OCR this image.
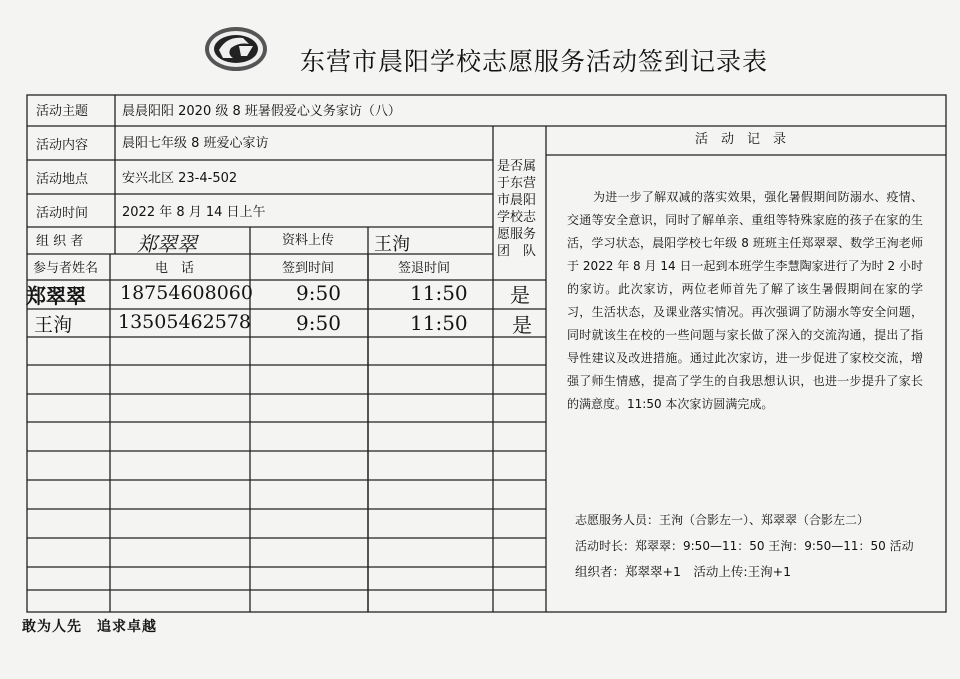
东营市晨阳学校志愿服务活动签到记录表
活动主题	晨晨阳阳 2020 级 8 班暑假爱心义务家访（八）
活动内容	晨阳七年级 8 班爱心家访
活动地点	安兴北区 23-4-502
活动时间	2022 年 8 月 14 日上午
组 织 者	郑翠翠	资料上传 王洵
参与者姓名	电　话	签到时间	签退时间
是否属
于东营
市晨阳
学校志
愿服务
团　队
郑翠翠 18754608060 9:50	11:50 是
王洵 13505462578 9:50	11:50 是
活　动　记　录
为进一步了解双减的落实效果，强化暑假期间防溺水、疫情、交通等安全意识，同时了解单亲、重组等特殊家庭的孩子在家的生活，学习状态，晨阳学校七年级 8 班班主任郑翠翠、数学王洵老师于 2022 年 8 月 14 日一起到本班学生李慧陶家进行了为时 2 小时的家访。此次家访，两位老师首先了解了该生暑假期间在家的学习，生活状态，及课业落实情况。再次强调了防溺水等安全问题，同时就该生在校的一些问题与家长做了深入的交流沟通，提出了指导性建议及改进措施。通过此次家访，进一步促进了家校交流，增强了师生情感，提高了学生的自我思想认识，也进一步提升了家长的满意度。11:50 本次家访圆满完成。
志愿服务人员：王洵（合影左一）、郑翠翠（合影左二）
活动时长：郑翠翠：9:50—11：50 王洵：9:50—11：50 活动
组织者：郑翠翠+1　活动上传:王洵+1
敢为人先　追求卓越
